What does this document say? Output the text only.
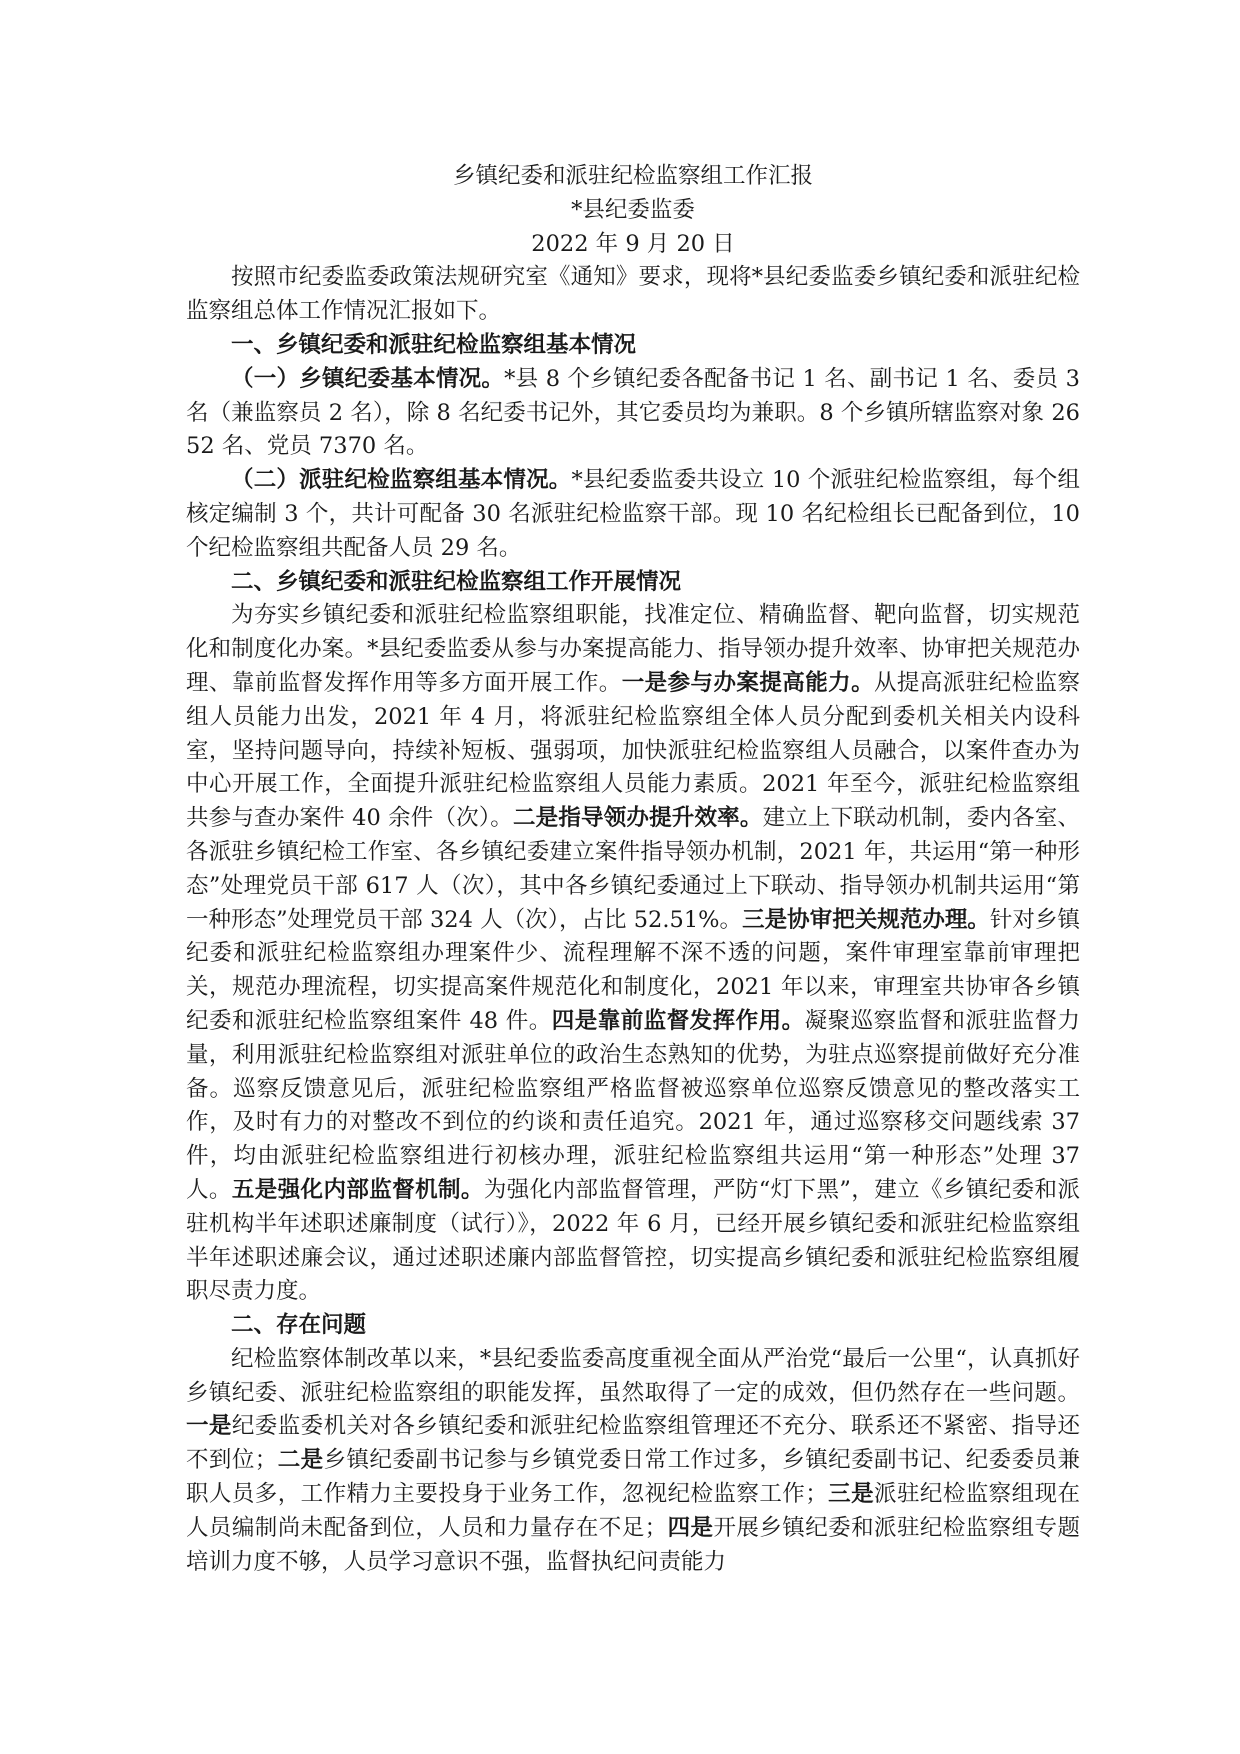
乡镇纪委和派驻纪检监察组工作汇报
*县纪委监委
2022 年 9 月 20 日

按照市纪委监委政策法规研究室《通知》要求，现将*县纪委监委乡镇纪委和派驻纪检监察组总体工作情况汇报如下。

一、乡镇纪委和派驻纪检监察组基本情况

（一）乡镇纪委基本情况。*县 8 个乡镇纪委各配备书记 1 名、副书记 1 名、委员 3 名（兼监察员 2 名），除 8 名纪委书记外，其它委员均为兼职。8 个乡镇所辖监察对象 2652 名、党员 7370 名。

（二）派驻纪检监察组基本情况。*县纪委监委共设立 10 个派驻纪检监察组，每个组核定编制 3 个，共计可配备 30 名派驻纪检监察干部。现 10 名纪检组长已配备到位，10 个纪检监察组共配备人员 29 名。

二、乡镇纪委和派驻纪检监察组工作开展情况

为夯实乡镇纪委和派驻纪检监察组职能，找准定位、精确监督、靶向监督，切实规范化和制度化办案。*县纪委监委从参与办案提高能力、指导领办提升效率、协审把关规范办理、靠前监督发挥作用等多方面开展工作。一是参与办案提高能力。从提高派驻纪检监察组人员能力出发，2021 年 4 月，将派驻纪检监察组全体人员分配到委机关相关内设科室，坚持问题导向，持续补短板、强弱项，加快派驻纪检监察组人员融合，以案件查办为中心开展工作，全面提升派驻纪检监察组人员能力素质。2021 年至今，派驻纪检监察组共参与查办案件 40 余件（次）。二是指导领办提升效率。建立上下联动机制，委内各室、各派驻乡镇纪检工作室、各乡镇纪委建立案件指导领办机制，2021 年，共运用“第一种形态”处理党员干部 617 人（次），其中各乡镇纪委通过上下联动、指导领办机制共运用“第一种形态”处理党员干部 324 人（次），占比 52.51%。三是协审把关规范办理。针对乡镇纪委和派驻纪检监察组办理案件少、流程理解不深不透的问题，案件审理室靠前审理把关，规范办理流程，切实提高案件规范化和制度化，2021 年以来，审理室共协审各乡镇纪委和派驻纪检监察组案件 48 件。四是靠前监督发挥作用。凝聚巡察监督和派驻监督力量，利用派驻纪检监察组对派驻单位的政治生态熟知的优势，为驻点巡察提前做好充分准备。巡察反馈意见后，派驻纪检监察组严格监督被巡察单位巡察反馈意见的整改落实工作，及时有力的对整改不到位的约谈和责任追究。2021 年，通过巡察移交问题线索 37 件，均由派驻纪检监察组进行初核办理，派驻纪检监察组共运用“第一种形态”处理 37 人。五是强化内部监督机制。为强化内部监督管理，严防“灯下黑”，建立《乡镇纪委和派驻机构半年述职述廉制度（试行）》，2022 年 6 月，已经开展乡镇纪委和派驻纪检监察组半年述职述廉会议，通过述职述廉内部监督管控，切实提高乡镇纪委和派驻纪检监察组履职尽责力度。

二、存在问题

纪检监察体制改革以来，*县纪委监委高度重视全面从严治党“最后一公里“，认真抓好乡镇纪委、派驻纪检监察组的职能发挥，虽然取得了一定的成效，但仍然存在一些问题。一是纪委监委机关对各乡镇纪委和派驻纪检监察组管理还不充分、联系还不紧密、指导还不到位；二是乡镇纪委副书记参与乡镇党委日常工作过多，乡镇纪委副书记、纪委委员兼职人员多，工作精力主要投身于业务工作，忽视纪检监察工作；三是派驻纪检监察组现在人员编制尚未配备到位，人员和力量存在不足；四是开展乡镇纪委和派驻纪检监察组专题培训力度不够，人员学习意识不强，监督执纪问责能力
